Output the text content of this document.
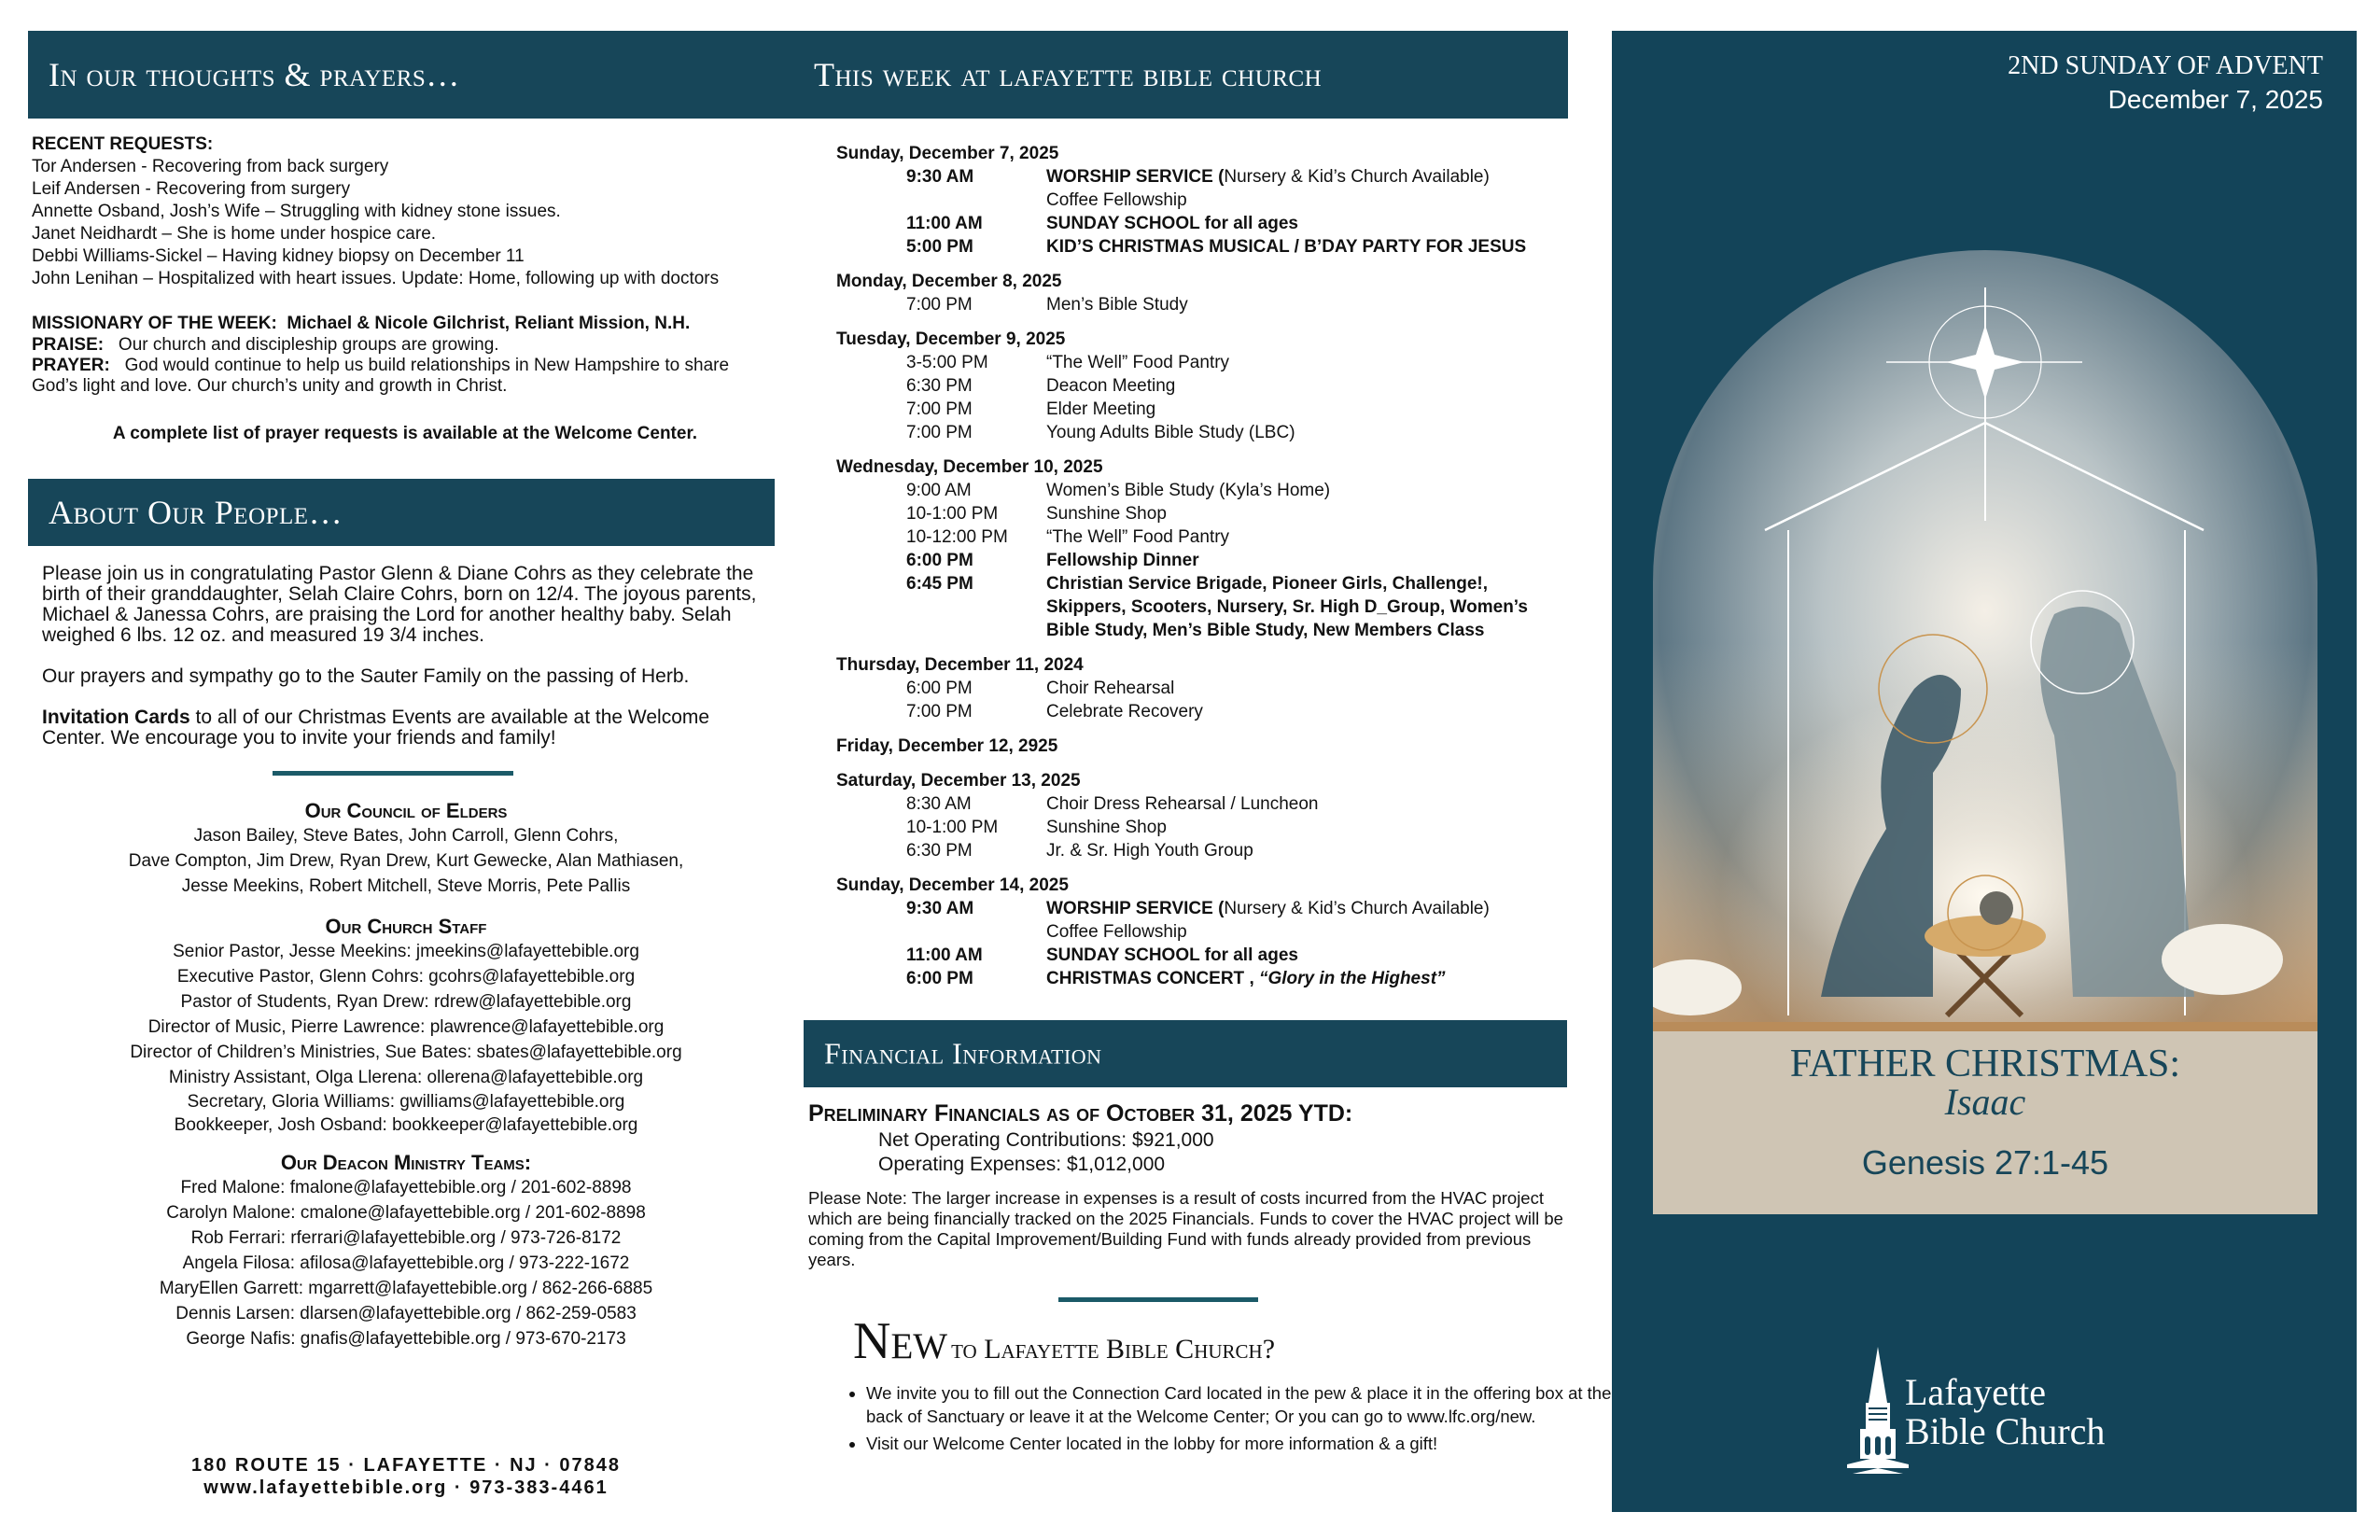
In our thoughts & prayers…
RECENT REQUESTS:
Tor Andersen - Recovering from back surgery
Leif Andersen - Recovering from surgery
Annette Osband, Josh’s Wife – Struggling with kidney stone issues.
Janet Neidhardt – She is home under hospice care.
Debbi Williams-Sickel – Having kidney biopsy on December 11
John Lenihan – Hospitalized with heart issues. Update: Home, following up with doctors
MISSIONARY OF THE WEEK: Michael & Nicole Gilchrist, Reliant Mission, N.H.
PRAISE: Our church and discipleship groups are growing.
PRAYER: God would continue to help us build relationships in New Hampshire to share God’s light and love. Our church’s unity and growth in Christ.
A complete list of prayer requests is available at the Welcome Center.
About Our People…
Please join us in congratulating Pastor Glenn & Diane Cohrs as they celebrate the birth of their granddaughter, Selah Claire Cohrs, born on 12/4. The joyous parents, Michael & Janessa Cohrs, are praising the Lord for another healthy baby. Selah weighed 6 lbs. 12 oz. and measured 19 3/4 inches.
Our prayers and sympathy go to the Sauter Family on the passing of Herb.
Invitation Cards to all of our Christmas Events are available at the Welcome Center. We encourage you to invite your friends and family!
Our Council of Elders
Jason Bailey, Steve Bates, John Carroll, Glenn Cohrs,
Dave Compton, Jim Drew, Ryan Drew, Kurt Gewecke, Alan Mathiasen,
Jesse Meekins, Robert Mitchell, Steve Morris, Pete Pallis
Our Church Staff
Senior Pastor, Jesse Meekins: jmeekins@lafayettebible.org
Executive Pastor, Glenn Cohrs: gcohrs@lafayettebible.org
Pastor of Students, Ryan Drew: rdrew@lafayettebible.org
Director of Music, Pierre Lawrence: plawrence@lafayettebible.org
Director of Children’s Ministries, Sue Bates: sbates@lafayettebible.org
Ministry Assistant, Olga Llerena: ollerena@lafayettebible.org
Secretary, Gloria Williams: gwilliams@lafayettebible.org
Bookkeeper, Josh Osband: bookkeeper@lafayettebible.org
Our Deacon Ministry Teams:
Fred Malone: fmalone@lafayettebible.org / 201-602-8898
Carolyn Malone: cmalone@lafayettebible.org / 201-602-8898
Rob Ferrari: rferrari@lafayettebible.org / 973-726-8172
Angela Filosa: afilosa@lafayettebible.org / 973-222-1672
MaryEllen Garrett: mgarrett@lafayettebible.org / 862-266-6885
Dennis Larsen: dlarsen@lafayettebible.org / 862-259-0583
George Nafis: gnafis@lafayettebible.org / 973-670-2173
180 ROUTE 15 · LAFAYETTE · NJ · 07848
www.lafayettebible.org · 973-383-4461
This week at lafayette bible church
Sunday, December 7, 2025
9:30 AM	WORSHIP SERVICE (Nursery & Kid’s Church Available)
Coffee Fellowship
11:00 AM	SUNDAY SCHOOL for all ages
5:00 PM	KID’S CHRISTMAS MUSICAL / B’DAY PARTY FOR JESUS
Monday, December 8, 2025
7:00 PM	Men’s Bible Study
Tuesday, December 9, 2025
3-5:00 PM	“The Well” Food Pantry
6:30 PM	Deacon Meeting
7:00 PM	Elder Meeting
7:00 PM	Young Adults Bible Study (LBC)
Wednesday, December 10, 2025
9:00 AM	Women’s Bible Study (Kyla’s Home)
10-1:00 PM	Sunshine Shop
10-12:00 PM	“The Well” Food Pantry
6:00 PM	Fellowship Dinner
6:45 PM	Christian Service Brigade, Pioneer Girls, Challenge!, Skippers, Scooters, Nursery, Sr. High D_Group, Women’s Bible Study, Men’s Bible Study, New Members Class
Thursday, December 11, 2024
6:00 PM	Choir Rehearsal
7:00 PM	Celebrate Recovery
Friday, December 12, 2925
Saturday, December 13, 2025
8:30 AM	Choir Dress Rehearsal / Luncheon
10-1:00 PM	Sunshine Shop
6:30 PM	Jr. & Sr. High Youth Group
Sunday, December 14, 2025
9:30 AM	WORSHIP SERVICE (Nursery & Kid’s Church Available)
Coffee Fellowship
11:00 AM	SUNDAY SCHOOL for all ages
6:00 PM	CHRISTMAS CONCERT , “Glory in the Highest”
Financial Information
Preliminary Financials as of October 31, 2025 YTD:
Net Operating Contributions: $921,000
Operating Expenses: $1,012,000
Please Note: The larger increase in expenses is a result of costs incurred from the HVAC project which are being financially tracked on the 2025 Financials. Funds to cover the HVAC project will be coming from the Capital Improvement/Building Fund with funds already provided from previous years.
New to Lafayette Bible Church?
• We invite you to fill out the Connection Card located in the pew & place it in the offering box at the back of Sanctuary or leave it at the Welcome Center; Or you can go to www.lfc.org/new.
• Visit our Welcome Center located in the lobby for more information & a gift!
2ND SUNDAY OF ADVENT
December 7, 2025
FATHER CHRISTMAS:
Isaac
Genesis 27:1-45
Lafayette
Bible Church
